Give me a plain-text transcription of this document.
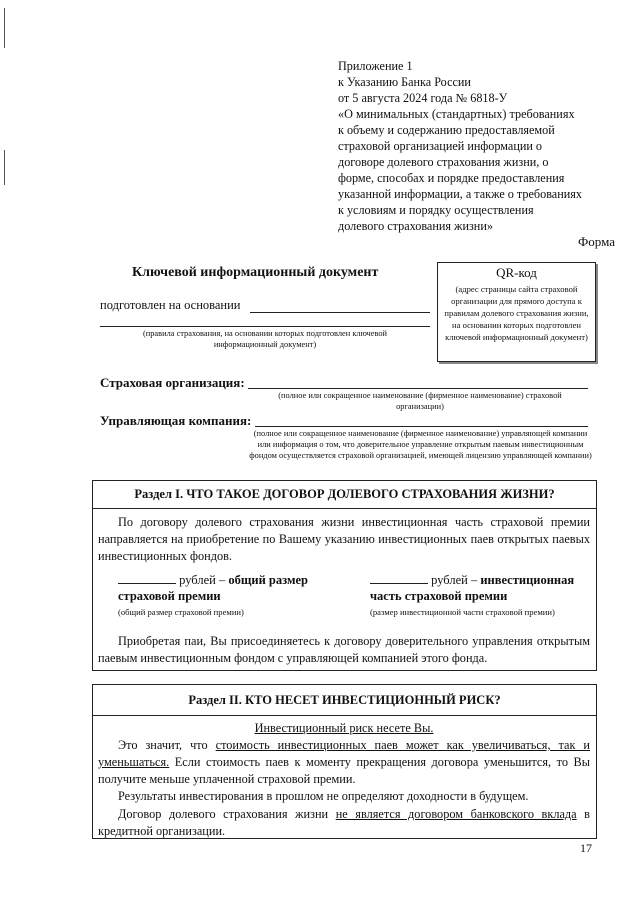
Приложение 1
к Указанию Банка России
от 5 августа 2024 года № 6818-У
«О минимальных (стандартных) требованиях
к объему и содержанию предоставляемой
страховой организацией информации о
договоре долевого страхования жизни, о
форме, способах и порядке предоставления
указанной информации, а также о требованиях
к условиям и порядку осуществления
долевого страхования жизни»
Форма
Ключевой информационный документ	QR-код
(адрес страницы сайта страховой организации для прямого доступа к правилам долевого страхования жизни, на основании которых подготовлен ключевой информационный документ)
подготовлен на основании
(правила страхования, на основании которых подготовлен ключевой информационный документ)
Страховая организация:
(полное или сокращенное наименование (фирменное наименование) страховой организации)
Управляющая компания:
(полное или сокращенное наименование (фирменное наименование) управляющей компании или информация о том, что доверительное управление открытым паевым инвестиционным фондом осуществляется страховой организацией, имеющей лицензию управляющей компании)
Раздел I. ЧТО ТАКОЕ ДОГОВОР ДОЛЕВОГО СТРАХОВАНИЯ ЖИЗНИ?
По договору долевого страхования жизни инвестиционная часть страховой премии направляется на приобретение по Вашему указанию инвестиционных паев открытых паевых инвестиционных фондов.
рублей – общий размер
страховой премии
(общий размер страховой премии)
рублей – инвестиционная
часть страховой премии
(размер инвестиционной части страховой премии)
Приобретая паи, Вы присоединяетесь к договору доверительного управления открытым паевым инвестиционным фондом с управляющей компанией этого фонда.
Раздел II. КТО НЕСЕТ ИНВЕСТИЦИОННЫЙ РИСК?
Инвестиционный риск несете Вы.
Это значит, что стоимость инвестиционных паев может как увеличиваться, так и уменьшаться. Если стоимость паев к моменту прекращения договора уменьшится, то Вы получите меньше уплаченной страховой премии.
Результаты инвестирования в прошлом не определяют доходности в будущем.
Договор долевого страхования жизни не является договором банковского вклада в кредитной организации.
17
